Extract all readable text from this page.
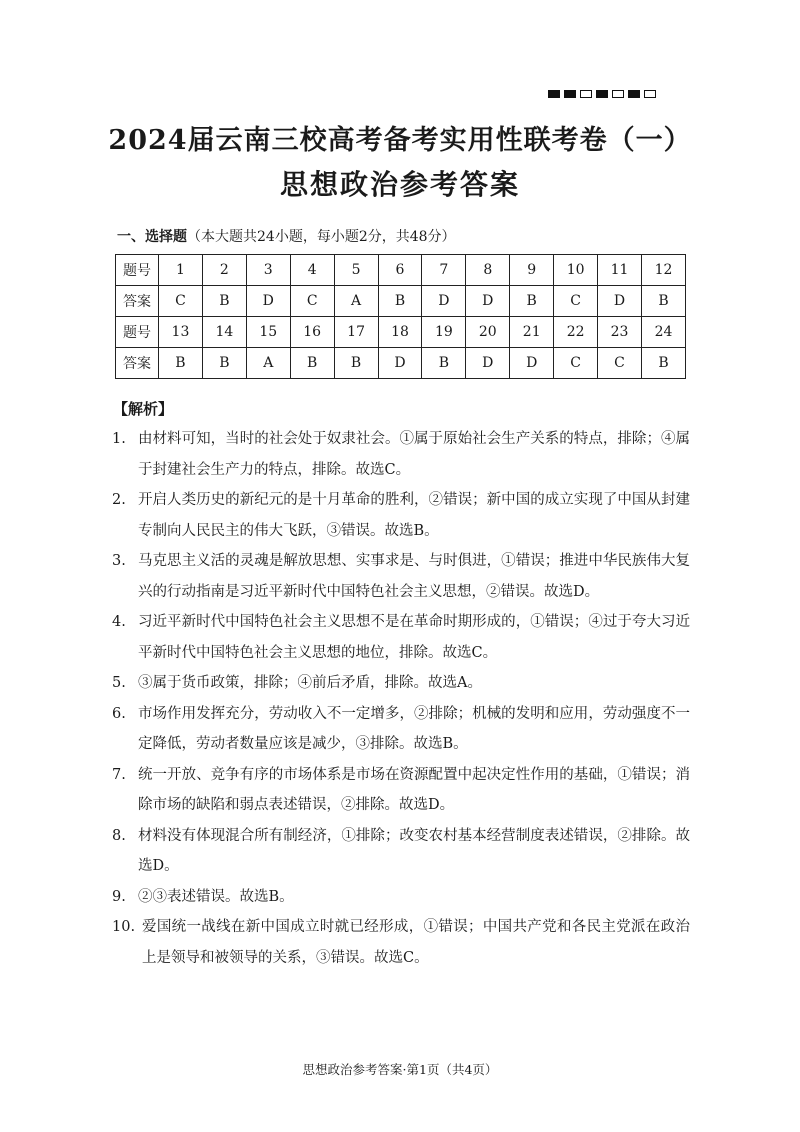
2024届云南三校高考备考实用性联考卷（一）
思想政治参考答案
一、选择题（本大题共24小题，每小题2分，共48分）
题号	1	2	3	4	5	6	7	8	9	10	11	12
答案	C	B	D	C	A	B	D	D	B	C	D	B
题号	13	14	15	16	17	18	19	20	21	22	23	24
答案	B	B	A	B	B	D	B	D	D	C	C	B
【解析】
1. 由材料可知，当时的社会处于奴隶社会。①属于原始社会生产关系的特点，排除；④属于封建社会生产力的特点，排除。故选C。
2. 开启人类历史的新纪元的是十月革命的胜利，②错误；新中国的成立实现了中国从封建专制向人民民主的伟大飞跃，③错误。故选B。
3. 马克思主义活的灵魂是解放思想、实事求是、与时俱进，①错误；推进中华民族伟大复兴的行动指南是习近平新时代中国特色社会主义思想，②错误。故选D。
4. 习近平新时代中国特色社会主义思想不是在革命时期形成的，①错误；④过于夸大习近平新时代中国特色社会主义思想的地位，排除。故选C。
5. ③属于货币政策，排除；④前后矛盾，排除。故选A。
6. 市场作用发挥充分，劳动收入不一定增多，②排除；机械的发明和应用，劳动强度不一定降低，劳动者数量应该是减少，③排除。故选B。
7. 统一开放、竞争有序的市场体系是市场在资源配置中起决定性作用的基础，①错误；消除市场的缺陷和弱点表述错误，②排除。故选D。
8. 材料没有体现混合所有制经济，①排除；改变农村基本经营制度表述错误，②排除。故选D。
9. ②③表述错误。故选B。
10. 爱国统一战线在新中国成立时就已经形成，①错误；中国共产党和各民主党派在政治上是领导和被领导的关系，③错误。故选C。
思想政治参考答案·第1页（共4页）
